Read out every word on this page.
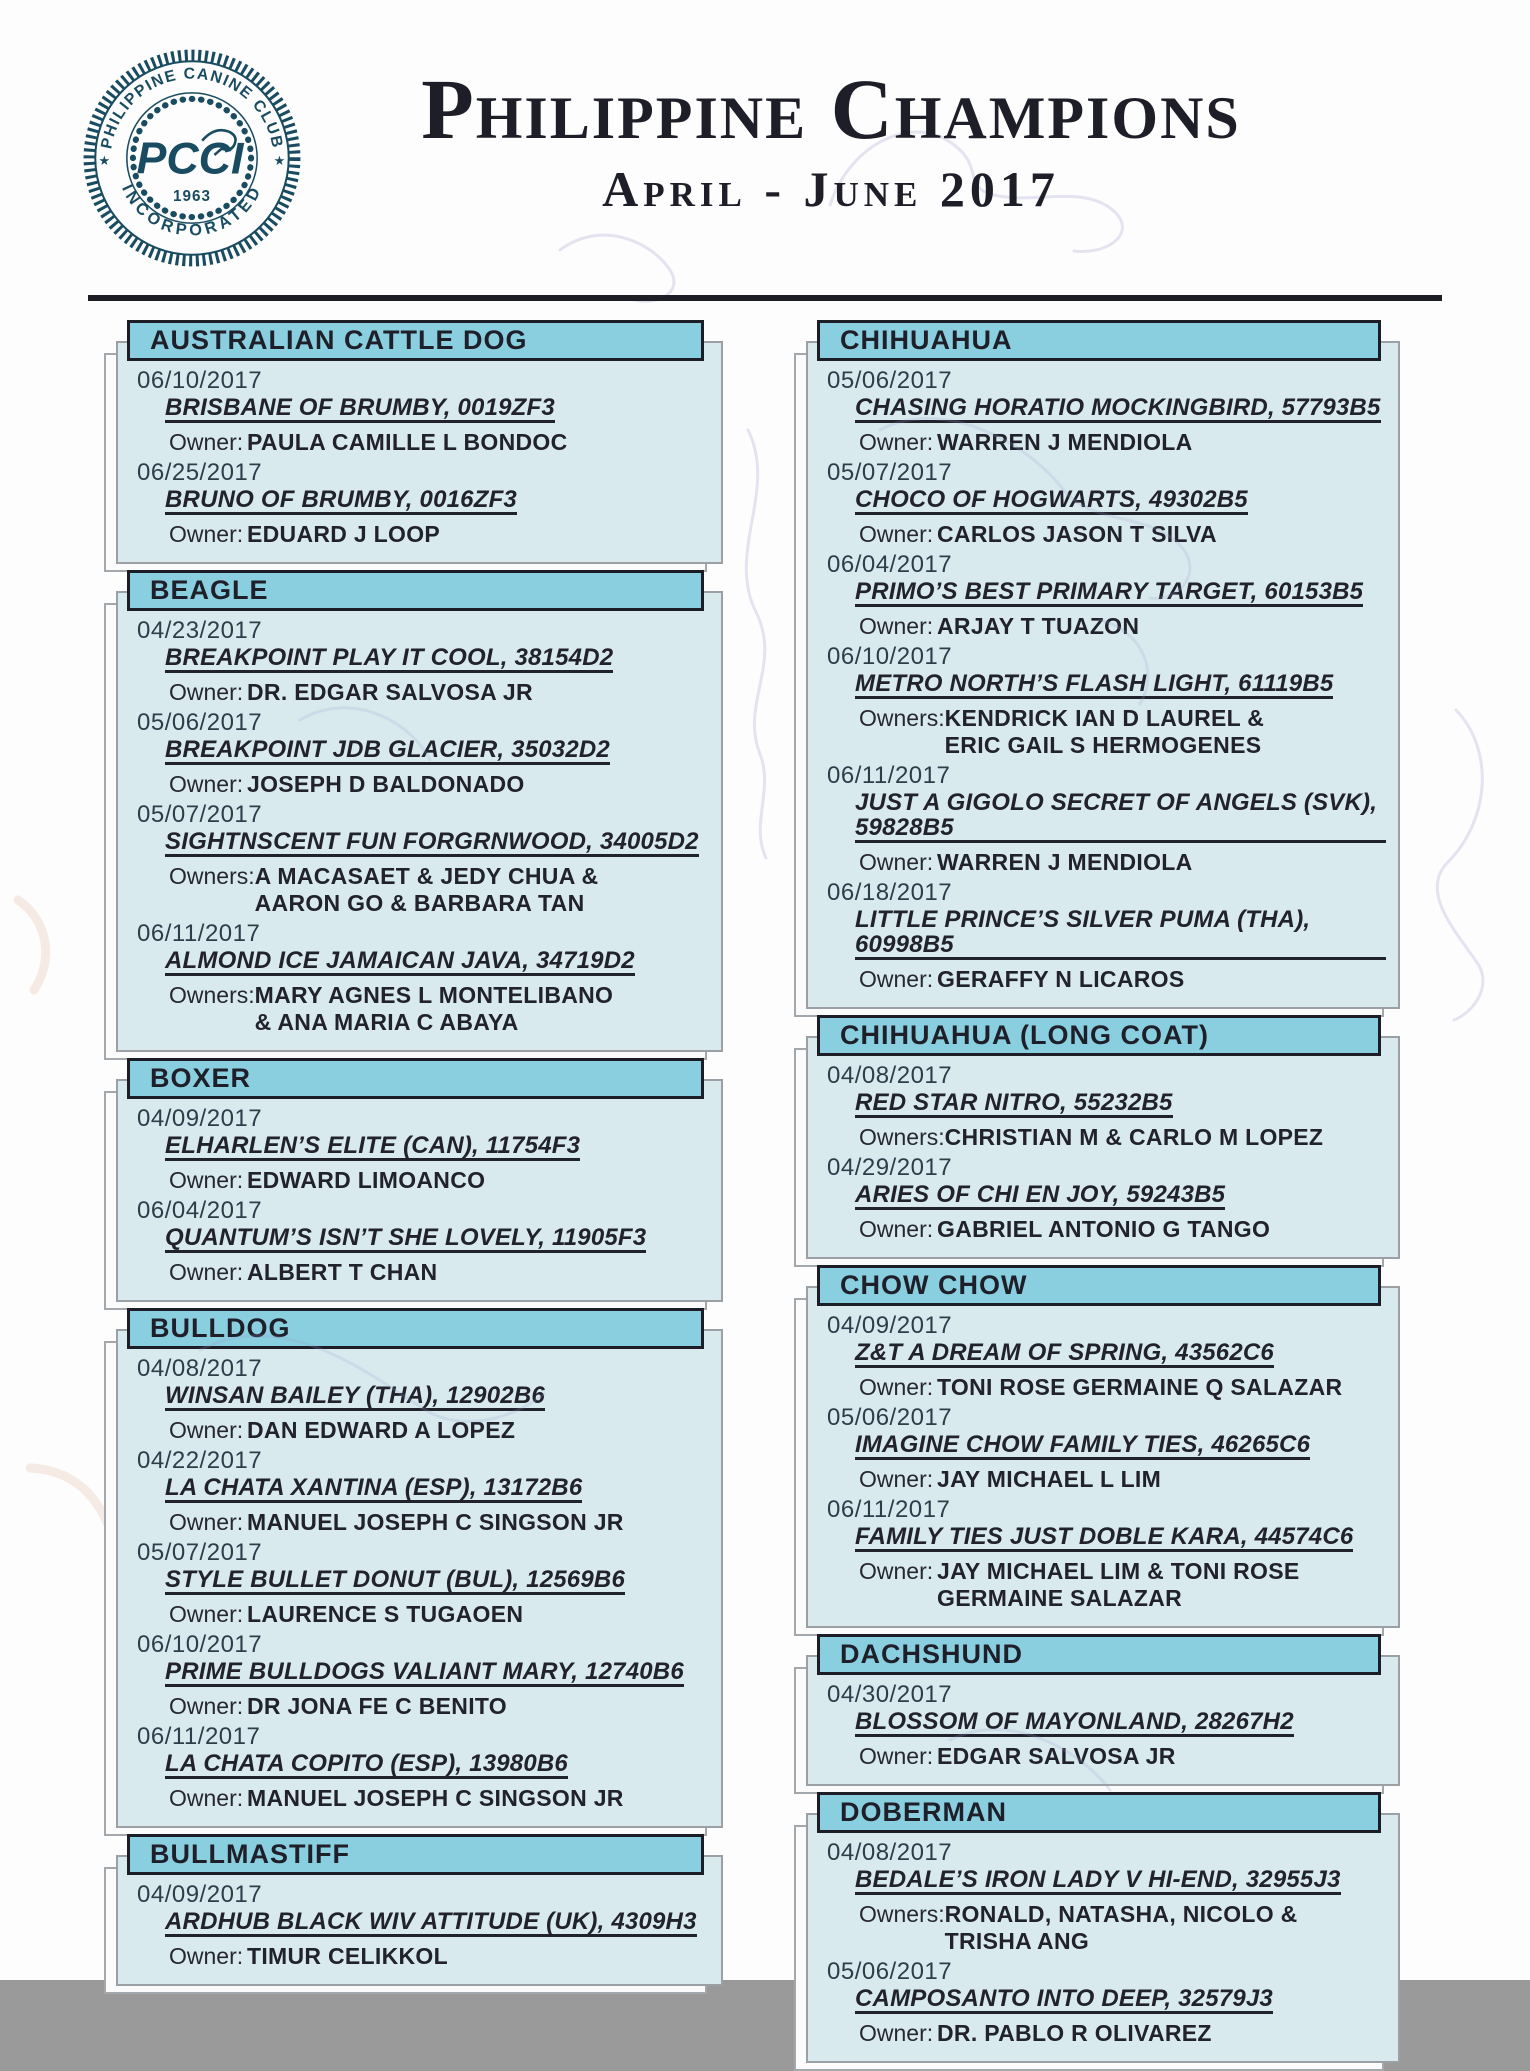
PHILIPPINE CANINE CLUB
INCORPORATED
★	★
PCCI
1963
Philippine Champions
April - June 2017
AUSTRALIAN CATTLE DOG
06/10/2017
BRISBANE OF BRUMBY, 0019ZF3
Owner: PAULA CAMILLE L BONDOC
06/25/2017
BRUNO OF BRUMBY, 0016ZF3
Owner: EDUARD J LOOP
BEAGLE
04/23/2017
BREAKPOINT PLAY IT COOL, 38154D2
Owner: DR. EDGAR SALVOSA JR
05/06/2017
BREAKPOINT JDB GLACIER, 35032D2
Owner: JOSEPH D BALDONADO
05/07/2017
SIGHTNSCENT FUN FORGRNWOOD, 34005D2
Owners: A MACASAET & JEDY CHUA &
AARON GO & BARBARA TAN
06/11/2017
ALMOND ICE JAMAICAN JAVA, 34719D2
Owners: MARY AGNES L MONTELIBANO
& ANA MARIA C ABAYA
BOXER
04/09/2017
ELHARLEN’S ELITE (CAN), 11754F3
Owner: EDWARD LIMOANCO
06/04/2017
QUANTUM’S ISN’T SHE LOVELY, 11905F3
Owner: ALBERT T CHAN
BULLDOG
04/08/2017
WINSAN BAILEY (THA), 12902B6
Owner: DAN EDWARD A LOPEZ
04/22/2017
LA CHATA XANTINA (ESP), 13172B6
Owner: MANUEL JOSEPH C SINGSON JR
05/07/2017
STYLE BULLET DONUT (BUL), 12569B6
Owner: LAURENCE S TUGAOEN
06/10/2017
PRIME BULLDOGS VALIANT MARY, 12740B6
Owner: DR JONA FE C BENITO
06/11/2017
LA CHATA COPITO (ESP), 13980B6
Owner: MANUEL JOSEPH C SINGSON JR
BULLMASTIFF
04/09/2017
ARDHUB BLACK WIV ATTITUDE (UK), 4309H3
Owner: TIMUR CELIKKOL
CHIHUAHUA
05/06/2017
CHASING HORATIO MOCKINGBIRD, 57793B5
Owner: WARREN J MENDIOLA
05/07/2017
CHOCO OF HOGWARTS, 49302B5
Owner: CARLOS JASON T SILVA
06/04/2017
PRIMO’S BEST PRIMARY TARGET, 60153B5
Owner: ARJAY T TUAZON
06/10/2017
METRO NORTH’S FLASH LIGHT, 61119B5
Owners: KENDRICK IAN D LAUREL &
ERIC GAIL S HERMOGENES
06/11/2017
JUST A GIGOLO SECRET OF ANGELS (SVK), 59828B5
Owner: WARREN J MENDIOLA
06/18/2017
LITTLE PRINCE’S SILVER PUMA (THA), 60998B5
Owner: GERAFFY N LICAROS
CHIHUAHUA (LONG COAT)
04/08/2017
RED STAR NITRO, 55232B5
Owners: CHRISTIAN M & CARLO M LOPEZ
04/29/2017
ARIES OF CHI EN JOY, 59243B5
Owner: GABRIEL ANTONIO G TANGO
CHOW CHOW
04/09/2017
Z&T A DREAM OF SPRING, 43562C6
Owner: TONI ROSE GERMAINE Q SALAZAR
05/06/2017
IMAGINE CHOW FAMILY TIES, 46265C6
Owner: JAY MICHAEL L LIM
06/11/2017
FAMILY TIES JUST DOBLE KARA, 44574C6
Owner: JAY MICHAEL LIM & TONI ROSE
GERMAINE SALAZAR
DACHSHUND
04/30/2017
BLOSSOM OF MAYONLAND, 28267H2
Owner: EDGAR SALVOSA JR
DOBERMAN
04/08/2017
BEDALE’S IRON LADY V HI-END, 32955J3
Owners: RONALD, NATASHA, NICOLO & TRISHA ANG
05/06/2017
CAMPOSANTO INTO DEEP, 32579J3
Owner: DR. PABLO R OLIVAREZ
